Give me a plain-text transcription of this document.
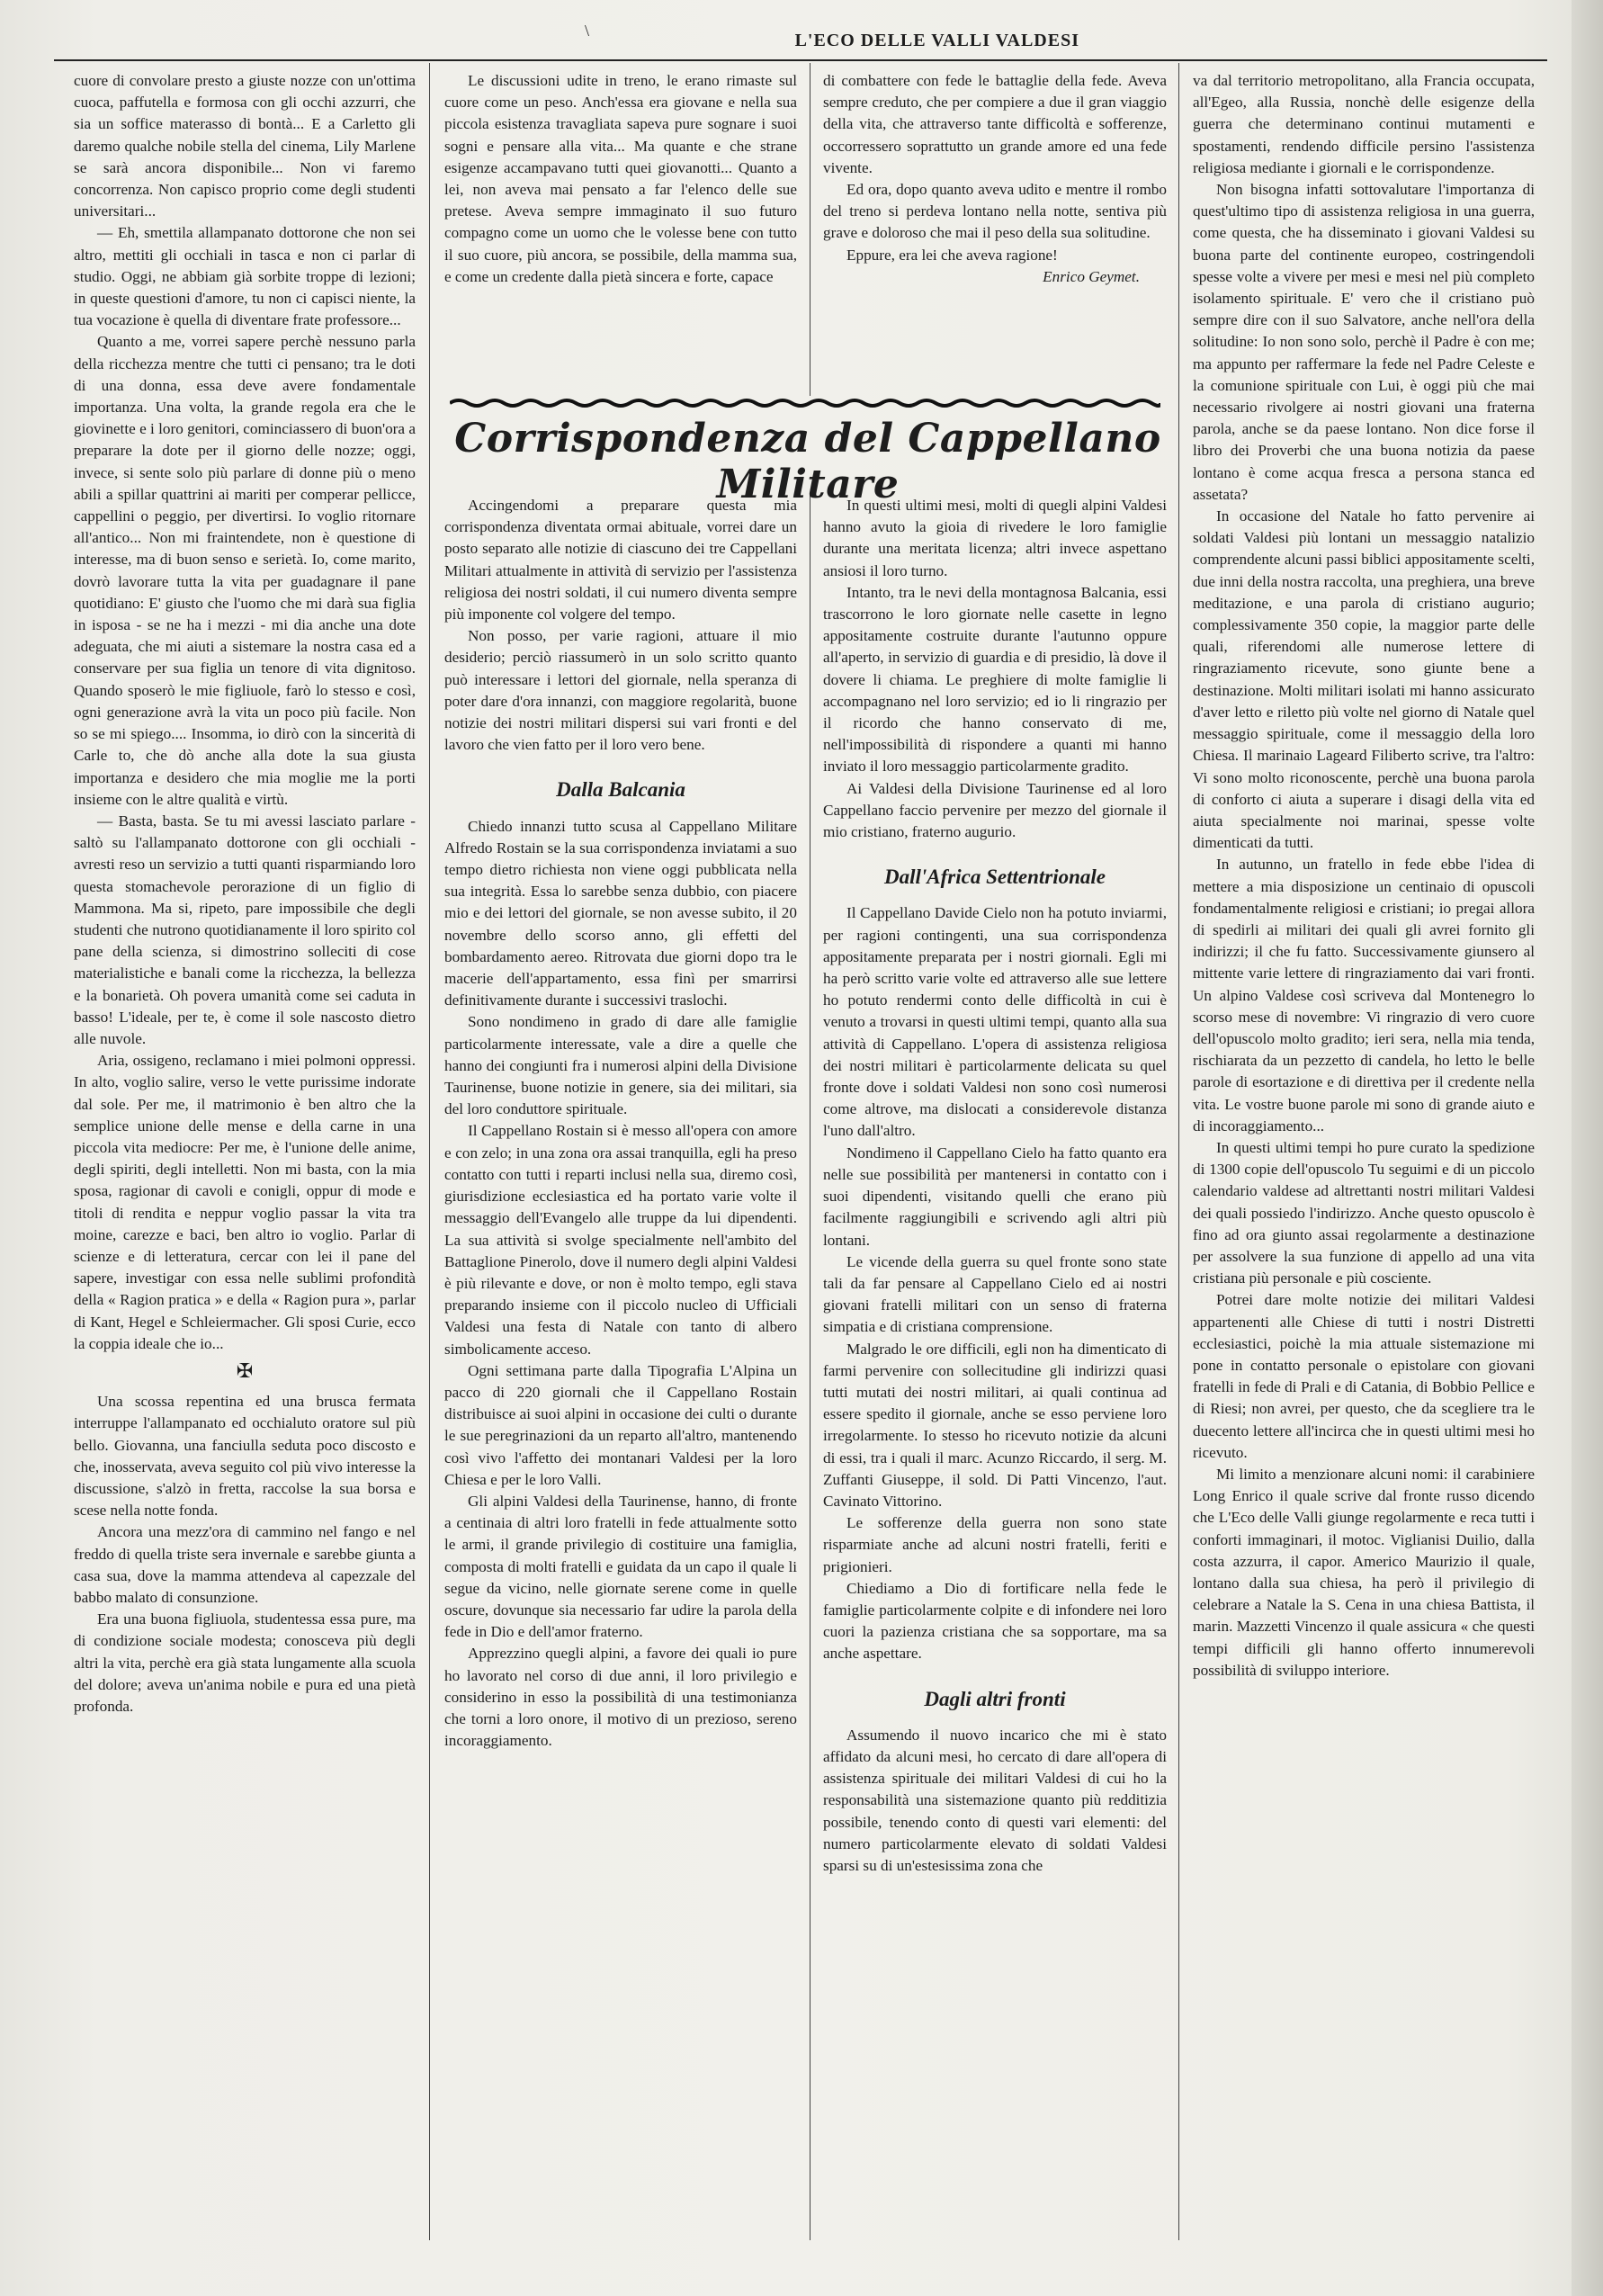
\	L'ECO DELLE VALLI VALDESI

cuore di convolare presto a giuste nozze con un'ottima cuoca, paffutella e formosa con gli occhi azzurri, che sia un soffice materasso di bontà... E a Carletto gli daremo qualche nobile stella del cinema, Lily Marlene se sarà ancora disponibile... Non vi faremo concorrenza. Non capisco proprio come degli studenti universitari...

— Eh, smettila allampanato dottorone che non sei altro, mettiti gli occhiali in tasca e non ci parlar di studio. Oggi, ne abbiam già sorbite troppe di lezioni; in queste questioni d'amore, tu non ci capisci niente, la tua vocazione è quella di diventare frate professore...

Quanto a me, vorrei sapere perchè nessuno parla della ricchezza mentre che tutti ci pensano; tra le doti di una donna, essa deve avere fondamentale importanza. Una volta, la grande regola era che le giovinette e i loro genitori, cominciassero di buon'ora a preparare la dote per il giorno delle nozze; oggi, invece, si sente solo più parlare di donne più o meno abili a spillar quattrini ai mariti per comperar pellicce, cappellini o peggio, per divertirsi. Io voglio ritornare all'antico... Non mi fraintendete, non è questione di interesse, ma di buon senso e serietà. Io, come marito, dovrò lavorare tutta la vita per guadagnare il pane quotidiano: E' giusto che l'uomo che mi darà sua figlia in isposa - se ne ha i mezzi - mi dia anche una dote adeguata, che mi aiuti a sistemare la nostra casa ed a conservare per sua figlia un tenore di vita dignitoso. Quando sposerò le mie figliuole, farò lo stesso e così, ogni generazione avrà la vita un poco più facile. Non so se mi spiego.... Insomma, io dirò con la sincerità di Carle to, che dò anche alla dote la sua giusta importanza e desidero che mia moglie me la porti insieme con le altre qualità e virtù.

— Basta, basta. Se tu mi avessi lasciato parlare - saltò su l'allampanato dottorone con gli occhiali - avresti reso un servizio a tutti quanti risparmiando loro questa stomachevole perorazione di un figlio di Mammona. Ma si, ripeto, pare impossibile che degli studenti che nutrono quotidianamente il loro spirito col pane della scienza, si dimostrino solleciti di cose materialistiche e banali come la ricchezza, la bellezza e la bonarietà. Oh povera umanità come sei caduta in basso! L'ideale, per te, è come il sole nascosto dietro alle nuvole.

Aria, ossigeno, reclamano i miei polmoni oppressi. In alto, voglio salire, verso le vette purissime indorate dal sole. Per me, il matrimonio è ben altro che la semplice unione delle mense e della carne in una piccola vita mediocre: Per me, è l'unione delle anime, degli spiriti, degli intelletti. Non mi basta, con la mia sposa, ragionar di cavoli e conigli, oppur di mode e titoli di rendita e neppur voglio passar la vita tra moine, carezze e baci, ben altro io voglio. Parlar di scienze e di letteratura, cercar con lei il pane del sapere, investigar con essa nelle sublimi profondità della « Ragion pratica » e della « Ragion pura », parlar di Kant, Hegel e Schleiermacher. Gli sposi Curie, ecco la coppia ideale che io...

✠

Una scossa repentina ed una brusca fermata interruppe l'allampanato ed occhialuto oratore sul più bello. Giovanna, una fanciulla seduta poco discosto e che, inosservata, aveva seguito col più vivo interesse la discussione, s'alzò in fretta, raccolse la sua borsa e scese nella notte fonda.

Ancora una mezz'ora di cammino nel fango e nel freddo di quella triste sera invernale e sarebbe giunta a casa sua, dove la mamma attendeva al capezzale del babbo malato di consunzione.

Era una buona figliuola, studentessa essa pure, ma di condizione sociale modesta; conosceva più degli altri la vita, perchè era già stata lungamente alla scuola del dolore; aveva un'anima nobile e pura ed una pietà profonda.

Le discussioni udite in treno, le erano rimaste sul cuore come un peso. Anch'essa era giovane e nella sua piccola esistenza travagliata sapeva pure sognare i suoi sogni e pensare alla vita... Ma quante e che strane esigenze accampavano tutti quei giovanotti... Quanto a lei, non aveva mai pensato a far l'elenco delle sue pretese. Aveva sempre immaginato il suo futuro compagno come un uomo che le volesse bene con tutto il suo cuore, più ancora, se possibile, della mamma sua, e come un credente dalla pietà sincera e forte, capace

di combattere con fede le battaglie della fede. Aveva sempre creduto, che per compiere a due il gran viaggio della vita, che attraverso tante difficoltà e sofferenze, occorressero soprattutto un grande amore ed una fede vivente.

Ed ora, dopo quanto aveva udito e mentre il rombo del treno si perdeva lontano nella notte, sentiva più grave e doloroso che mai il peso della sua solitudine.

Eppure, era lei che aveva ragione!

Enrico Geymet.

Corrispondenza del Cappellano Militare

Accingendomi a preparare questa mia corrispondenza diventata ormai abituale, vorrei dare un posto separato alle notizie di ciascuno dei tre Cappellani Militari attualmente in attività di servizio per l'assistenza religiosa dei nostri soldati, il cui numero diventa sempre più imponente col volgere del tempo.

Non posso, per varie ragioni, attuare il mio desiderio; perciò riassumerò in un solo scritto quanto può interessare i lettori del giornale, nella speranza di poter dare d'ora innanzi, con maggiore regolarità, buone notizie dei nostri militari dispersi sui vari fronti e del lavoro che vien fatto per il loro vero bene.

Dalla Balcania

Chiedo innanzi tutto scusa al Cappellano Militare Alfredo Rostain se la sua corrispondenza inviatami a suo tempo dietro richiesta non viene oggi pubblicata nella sua integrità. Essa lo sarebbe senza dubbio, con piacere mio e dei lettori del giornale, se non avesse subito, il 20 novembre dello scorso anno, gli effetti del bombardamento aereo. Ritrovata due giorni dopo tra le macerie dell'appartamento, essa finì per smarrirsi definitivamente durante i successivi traslochi.

Sono nondimeno in grado di dare alle famiglie particolarmente interessate, vale a dire a quelle che hanno dei congiunti fra i numerosi alpini della Divisione Taurinense, buone notizie in genere, sia dei militari, sia del loro conduttore spirituale.

Il Cappellano Rostain si è messo all'opera con amore e con zelo; in una zona ora assai tranquilla, egli ha preso contatto con tutti i reparti inclusi nella sua, diremo così, giurisdizione ecclesiastica ed ha portato varie volte il messaggio dell'Evangelo alle truppe da lui dipendenti. La sua attività si svolge specialmente nell'ambito del Battaglione Pinerolo, dove il numero degli alpini Valdesi è più rilevante e dove, or non è molto tempo, egli stava preparando insieme con il piccolo nucleo di Ufficiali Valdesi una festa di Natale con tanto di albero simbolicamente acceso.

Ogni settimana parte dalla Tipografia L'Alpina un pacco di 220 giornali che il Cappellano Rostain distribuisce ai suoi alpini in occasione dei culti o durante le sue peregrinazioni da un reparto all'altro, mantenendo così vivo l'affetto dei montanari Valdesi per la loro Chiesa e per le loro Valli.

Gli alpini Valdesi della Taurinense, hanno, di fronte a centinaia di altri loro fratelli in fede attualmente sotto le armi, il grande privilegio di costituire una famiglia, composta di molti fratelli e guidata da un capo il quale li segue da vicino, nelle giornate serene come in quelle oscure, dovunque sia necessario far udire la parola della fede in Dio e dell'amor fraterno.

Apprezzino quegli alpini, a favore dei quali io pure ho lavorato nel corso di due anni, il loro privilegio e considerino in esso la possibilità di una testimonianza che torni a loro onore, il motivo di un prezioso, sereno incoraggiamento.

In questi ultimi mesi, molti di quegli alpini Valdesi hanno avuto la gioia di rivedere le loro famiglie durante una meritata licenza; altri invece aspettano ansiosi il loro turno.

Intanto, tra le nevi della montagnosa Balcania, essi trascorrono le loro giornate nelle casette in legno appositamente costruite durante l'autunno oppure all'aperto, in servizio di guardia e di presidio, là dove il dovere li chiama. Le preghiere di molte famiglie li accompagnano nel loro servizio; ed io li ringrazio per il ricordo che hanno conservato di me, nell'impossibilità di rispondere a quanti mi hanno inviato il loro messaggio particolarmente gradito.

Ai Valdesi della Divisione Taurinense ed al loro Cappellano faccio pervenire per mezzo del giornale il mio cristiano, fraterno augurio.

Dall'Africa Settentrionale

Il Cappellano Davide Cielo non ha potuto inviarmi, per ragioni contingenti, una sua corrispondenza appositamente preparata per i nostri giornali. Egli mi ha però scritto varie volte ed attraverso alle sue lettere ho potuto rendermi conto delle difficoltà in cui è venuto a trovarsi in questi ultimi tempi, quanto alla sua attività di Cappellano. L'opera di assistenza religiosa dei nostri militari è particolarmente delicata su quel fronte dove i soldati Valdesi non sono così numerosi come altrove, ma dislocati a considerevole distanza l'uno dall'altro.

Nondimeno il Cappellano Cielo ha fatto quanto era nelle sue possibilità per mantenersi in contatto con i suoi dipendenti, visitando quelli che erano più facilmente raggiungibili e scrivendo agli altri più lontani.

Le vicende della guerra su quel fronte sono state tali da far pensare al Cappellano Cielo ed ai nostri giovani fratelli militari con un senso di fraterna simpatia e di cristiana comprensione.

Malgrado le ore difficili, egli non ha dimenticato di farmi pervenire con sollecitudine gli indirizzi quasi tutti mutati dei nostri militari, ai quali continua ad essere spedito il giornale, anche se esso perviene loro irregolarmente. Io stesso ho ricevuto notizie da alcuni di essi, tra i quali il marc. Acunzo Riccardo, il serg. M. Zuffanti Giuseppe, il sold. Di Patti Vincenzo, l'aut. Cavinato Vittorino.

Le sofferenze della guerra non sono state risparmiate anche ad alcuni nostri fratelli, feriti e prigionieri.

Chiediamo a Dio di fortificare nella fede le famiglie particolarmente colpite e di infondere nei loro cuori la pazienza cristiana che sa sopportare, ma sa anche aspettare.

Dagli altri fronti

Assumendo il nuovo incarico che mi è stato affidato da alcuni mesi, ho cercato di dare all'opera di assistenza spirituale dei militari Valdesi di cui ho la responsabilità una sistemazione quanto più redditizia possibile, tenendo conto di questi vari elementi: del numero particolarmente elevato di soldati Valdesi sparsi su di un'estesissima zona che

va dal territorio metropolitano, alla Francia occupata, all'Egeo, alla Russia, nonchè delle esigenze della guerra che determinano continui mutamenti e spostamenti, rendendo difficile persino l'assistenza religiosa mediante i giornali e le corrispondenze.

Non bisogna infatti sottovalutare l'importanza di quest'ultimo tipo di assistenza religiosa in una guerra, come questa, che ha disseminato i giovani Valdesi su buona parte del continente europeo, costringendoli spesse volte a vivere per mesi e mesi nel più completo isolamento spirituale. E' vero che il cristiano può sempre dire con il suo Salvatore, anche nell'ora della solitudine: Io non sono solo, perchè il Padre è con me; ma appunto per raffermare la fede nel Padre Celeste e la comunione spirituale con Lui, è oggi più che mai necessario rivolgere ai nostri giovani una fraterna parola, anche se da paese lontano. Non dice forse il libro dei Proverbi che una buona notizia da paese lontano è come acqua fresca a persona stanca ed assetata?

In occasione del Natale ho fatto pervenire ai soldati Valdesi più lontani un messaggio natalizio comprendente alcuni passi biblici appositamente scelti, due inni della nostra raccolta, una preghiera, una breve meditazione, e una parola di cristiano augurio; complessivamente 350 copie, la maggior parte delle quali, riferendomi alle numerose lettere di ringraziamento ricevute, sono giunte bene a destinazione. Molti militari isolati mi hanno assicurato d'aver letto e riletto più volte nel giorno di Natale quel messaggio spirituale, come il messaggio della loro Chiesa. Il marinaio Lageard Filiberto scrive, tra l'altro: Vi sono molto riconoscente, perchè una buona parola di conforto ci aiuta a superare i disagi della vita ed aiuta specialmente noi marinai, spesse volte dimenticati da tutti.

In autunno, un fratello in fede ebbe l'idea di mettere a mia disposizione un centinaio di opuscoli fondamentalmente religiosi e cristiani; io pregai allora di spedirli ai militari dei quali gli avrei fornito gli indirizzi; il che fu fatto. Successivamente giunsero al mittente varie lettere di ringraziamento dai vari fronti. Un alpino Valdese così scriveva dal Montenegro lo scorso mese di novembre: Vi ringrazio di vero cuore dell'opuscolo molto gradito; ieri sera, nella mia tenda, rischiarata da un pezzetto di candela, ho letto le belle parole di esortazione e di direttiva per il credente nella vita. Le vostre buone parole mi sono di grande aiuto e di incoraggiamento...

In questi ultimi tempi ho pure curato la spedizione di 1300 copie dell'opuscolo Tu seguimi e di un piccolo calendario valdese ad altrettanti nostri militari Valdesi dei quali possiedo l'indirizzo. Anche questo opuscolo è fino ad ora giunto assai regolarmente a destinazione per assolvere la sua funzione di appello ad una vita cristiana più personale e più cosciente.

Potrei dare molte notizie dei militari Valdesi appartenenti alle Chiese di tutti i nostri Distretti ecclesiastici, poichè la mia attuale sistemazione mi pone in contatto personale o epistolare con giovani fratelli in fede di Prali e di Catania, di Bobbio Pellice e di Riesi; non avrei, per questo, che da scegliere tra le duecento lettere all'incirca che in questi ultimi mesi ho ricevuto.

Mi limito a menzionare alcuni nomi: il carabiniere Long Enrico il quale scrive dal fronte russo dicendo che L'Eco delle Valli giunge regolarmente e reca tutti i conforti immaginari, il motoc. Viglianisi Duilio, dalla costa azzurra, il capor. Americo Maurizio il quale, lontano dalla sua chiesa, ha però il privilegio di celebrare a Natale la S. Cena in una chiesa Battista, il marin. Mazzetti Vincenzo il quale assicura « che questi tempi difficili gli hanno offerto innumerevoli possibilità di sviluppo interiore.
